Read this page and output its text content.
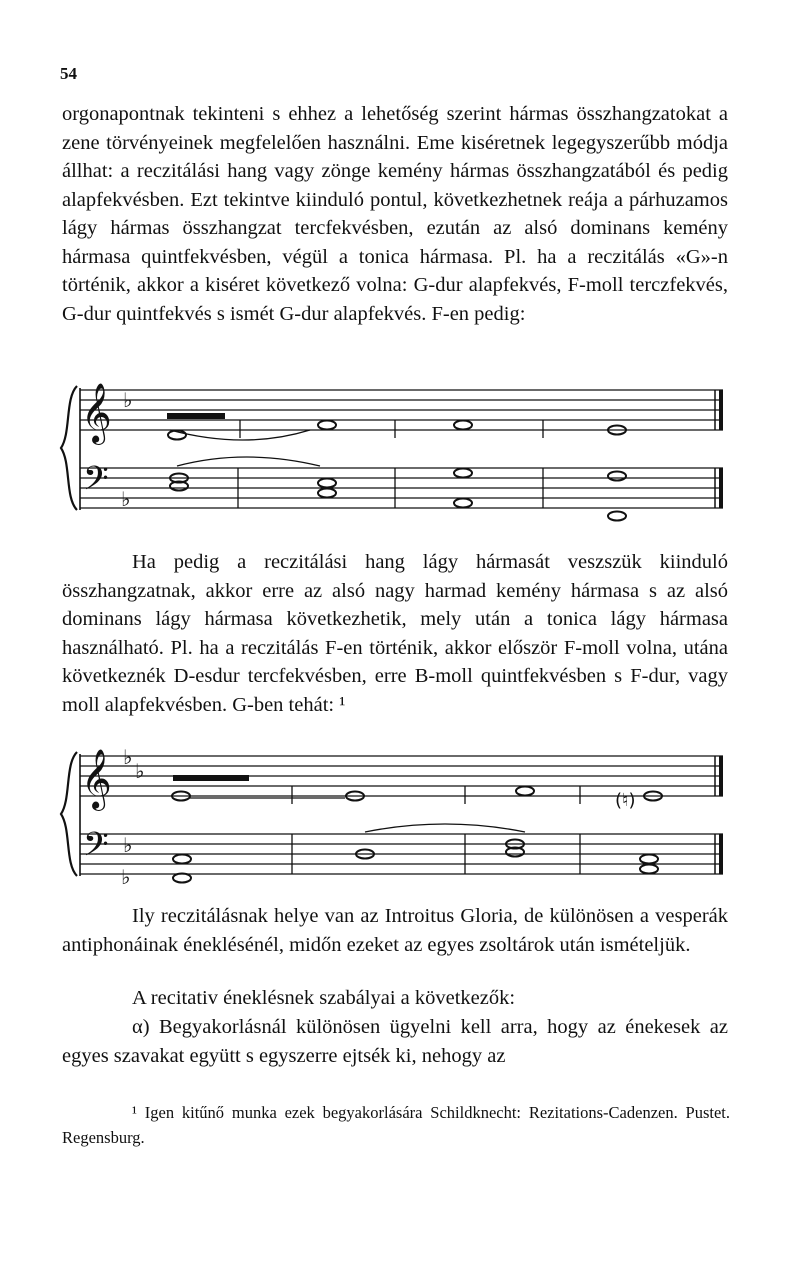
54

orgonapontnak tekinteni s ehhez a lehetőség szerint hármas összhangzatokat a zene törvényeinek megfelelően használni. Eme kiséretnek legegyszerűbb módja állhat: a reczitálási hang vagy zönge kemény hármas összhangzatából és pedig alapfekvésben. Ezt tekintve kiinduló pontul, következhetnek reája a párhuzamos lágy hármas összhangzat tercfekvésben, ezután az alsó dominans kemény hármasa quintfekvésben, végül a tonica hármasa. Pl. ha a reczitálás «G»-n történik, akkor a kiséret következő volna: G-dur alapfekvés, F-moll terczfekvés, G-dur quintfekvés s ismét G-dur alapfekvés. F-en pedig:

𝄞
𝄢
♭
♭

Ha pedig a reczitálási hang lágy hármasát veszszük kiinduló összhangzatnak, akkor erre az alsó nagy harmad kemény hármasa s az alsó dominans lágy hármasa következhetik, mely után a tonica lágy hármasa használható. Pl. ha a reczitálás F-en történik, akkor először F-moll volna, utána következnék D-esdur tercfekvésben, erre B-moll quintfekvésben s F-dur, vagy moll alapfekvésben. G-ben tehát: ¹

𝄞
𝄢
♭
♭
♭
♭
(♮)

Ily reczitálásnak helye van az Introitus Gloria, de különösen a vesperák antiphonáinak éneklésénél, midőn ezeket az egyes zsoltárok után ismételjük.

A recitativ éneklésnek szabályai a következők:

α) Begyakorlásnál különösen ügyelni kell arra, hogy az énekesek az egyes szavakat együtt s egyszerre ejtsék ki, nehogy az

¹ Igen kitűnő munka ezek begyakorlására Schildknecht: Rezitations-Cadenzen. Pustet. Regensburg.
